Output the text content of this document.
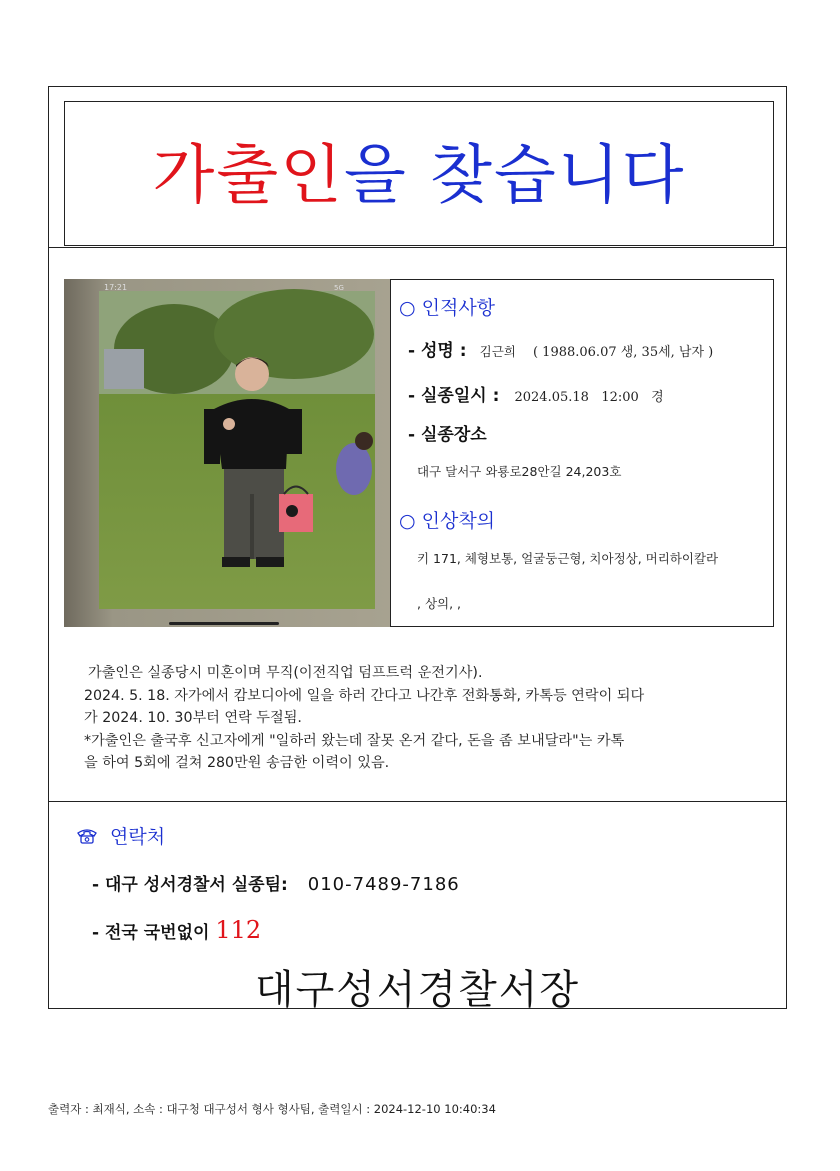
가출인을 찾습니다
17:21	5G
○ 인적사항
- 성명 : 김근희 ( 1988.06.07 생, 35세, 남자 )
- 실종일시 : 2024.05.18   12:00   경
- 실종장소
대구 달서구 와룡로28안길 24,203호
○ 인상착의
키 171, 체형보통, 얼굴둥근형, 치아정상, 머리하이칼라
, 상의, ,
가출인은 실종당시 미혼이며 무직(이전직업 덤프트럭 운전기사).
2024. 5. 18. 자가에서 캄보디아에 일을 하러 간다고 나간후 전화통화, 카톡등 연락이 되다
가 2024. 10. 30부터 연락 두절됨.
*가출인은 출국후 신고자에게 "일하러 왔는데 잘못 온거 같다, 돈을 좀 보내달라"는 카톡
을 하여 5회에 걸쳐 280만원 송금한 이력이 있음.
연락처
- 대구 성서경찰서 실종팀: 010-7489-7186
- 전국 국번없이 112
대구성서경찰서장
출력자 : 최재식, 소속 : 대구청 대구성서 형사 형사팀, 출력일시 : 2024-12-10 10:40:34
